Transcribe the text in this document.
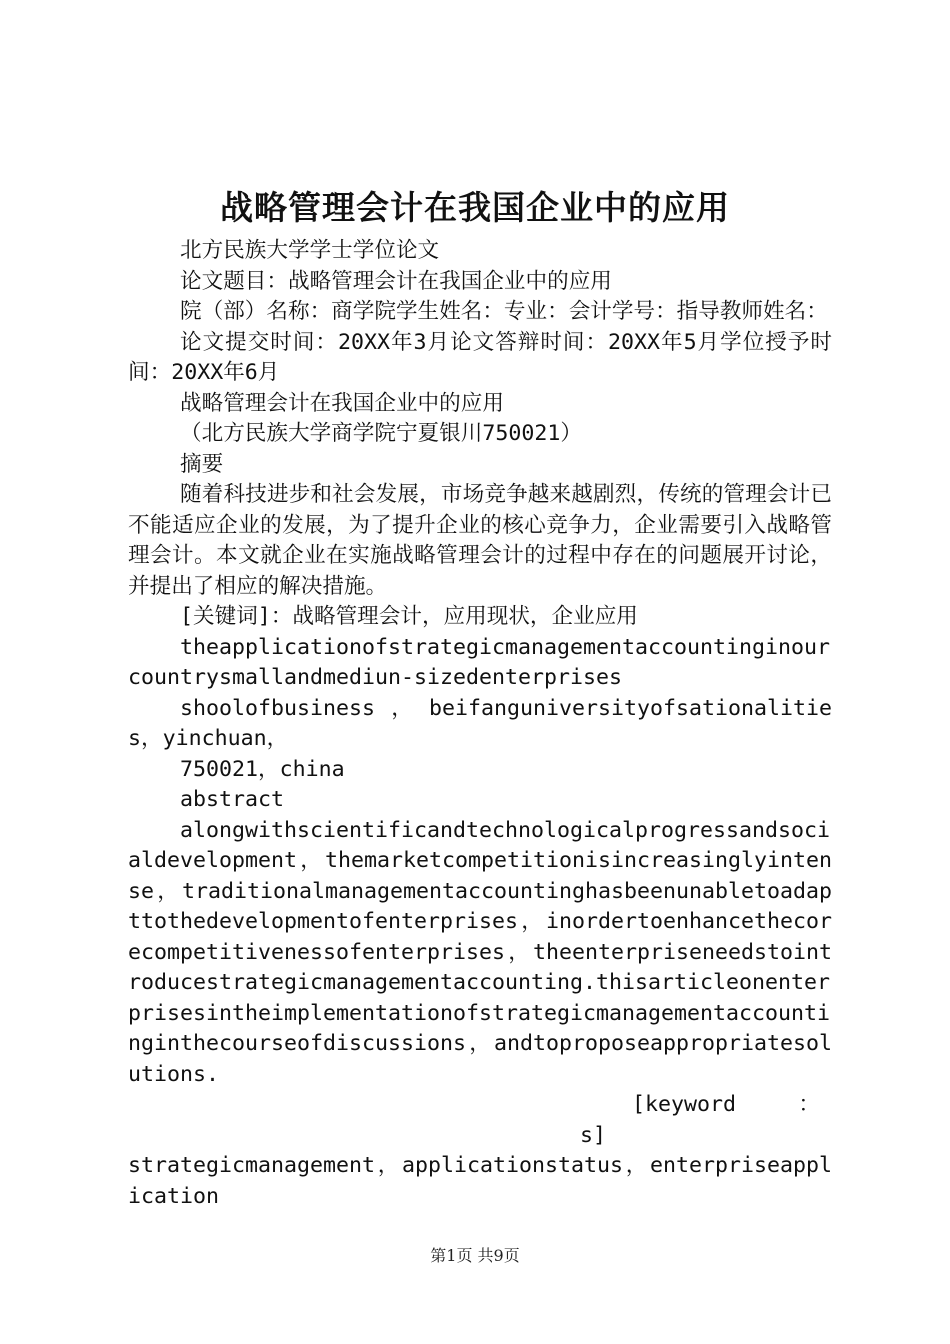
战略管理会计在我国企业中的应用

北方民族大学学士学位论文

论文题目：战略管理会计在我国企业中的应用

院（部）名称：商学院学生姓名：专业：会计学号：指导教师姓名：

论文提交时间：20XX年3月论文答辩时间：20XX年5月学位授予时间：20XX年6月

战略管理会计在我国企业中的应用

（北方民族大学商学院宁夏银川750021）

摘要

随着科技进步和社会发展，市场竞争越来越剧烈，传统的管理会计已不能适应企业的发展，为了提升企业的核心竞争力，企业需要引入战略管理会计。本文就企业在实施战略管理会计的过程中存在的问题展开讨论，并提出了相应的解决措施。

[关键词]：战略管理会计，应用现状，企业应用

theapplicationofstrategicmanagementaccountinginourcountrysmallandmediun-sizedenterprises

shoolofbusiness，beifanguniversityofsationalities，yinchuan，

750021，china

abstract

alongwithscientificandtechnologicalprogressandsocialdevelopment，themarketcompetitionisincreasinglyintense，traditionalmanagementaccountinghasbeenunabletoadapttothedevelopmentofenterprises，inordertoenhancethecorecompetitivenessofenterprises，theenterpriseneedstointroducestrategicmanagementaccounting.thisarticleonenterprisesintheimplementationofstrategicmanagementaccountinginthecourseofdiscussions，andtoproposeappropriatesolutions.

[keywords]
：

strategicmanagement，applicationstatus，enterpriseapplication

第1页 共9页
